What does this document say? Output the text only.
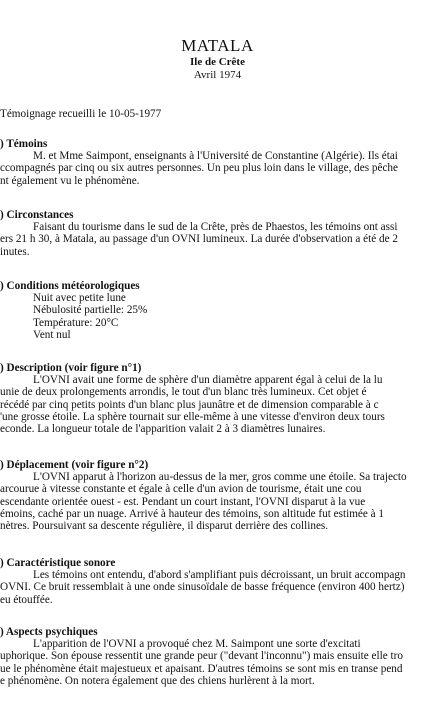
MATALA
Ile de Crête
Avril 1974
Témoignage recueilli le 10-05-1977
) Témoins
M. et Mme Saimpont, enseignants à l'Université de Constantine (Algérie). Ils étai
ccompagnés par cinq ou six autres personnes. Un peu plus loin dans le village, des pêche
nt également vu le phénomène.
) Circonstances
Faisant du tourisme dans le sud de la Crête, près de Phaestos, les témoins ont assi
ers 21 h 30, à Matala, au passage d'un OVNI lumineux. La durée d'observation a été de 2
inutes.
) Conditions météorologiques
Nuit avec petite lune
Nébulosité partielle: 25%
Température: 20°C
Vent nul
) Description (voir figure n°1)
L'OVNI avait une forme de sphère d'un diamètre apparent égal à celui de la lu
unie de deux prolongements arrondis, le tout d'un blanc très lumineux. Cet objet é
récédé par cinq petits points d'un blanc plus jaunâtre et de dimension comparable à c
'une grosse étoile. La sphère tournait sur elle-même à une vitesse d'environ deux tours
econde. La longueur totale de l'apparition valait 2 à 3 diamètres lunaires.
) Déplacement (voir figure n°2)
L'OVNI apparut à l'horizon au-dessus de la mer, gros comme une étoile. Sa trajecto
arcourue à vitesse constante et égale à celle d'un avion de tourisme, était une cou
escendante orientée ouest - est. Pendant un court instant, l'OVNI disparut à la vue
émoins, caché par un nuage. Arrivé à hauteur des témoins, son altitude fut estimée à 1
nètres. Poursuivant sa descente régulière, il disparut derrière des collines.
) Caractéristique sonore
Les témoins ont entendu, d'abord s'amplifiant puis décroissant, un bruit accompagn
OVNI. Ce bruit ressemblait à une onde sinusoïdale de basse fréquence (environ 400 hertz)
eu étouffée.
) Aspects psychiques
L'apparition de l'OVNI a provoqué chez M. Saimpont une sorte d'excitati
uphorique. Son épouse ressentit une grande peur ("devant l'inconnu") mais ensuite elle tro
ue le phénomène était majestueux et apaisant. D'autres témoins se sont mis en transe pend
e phénomène. On notera également que des chiens hurlèrent à la mort.
